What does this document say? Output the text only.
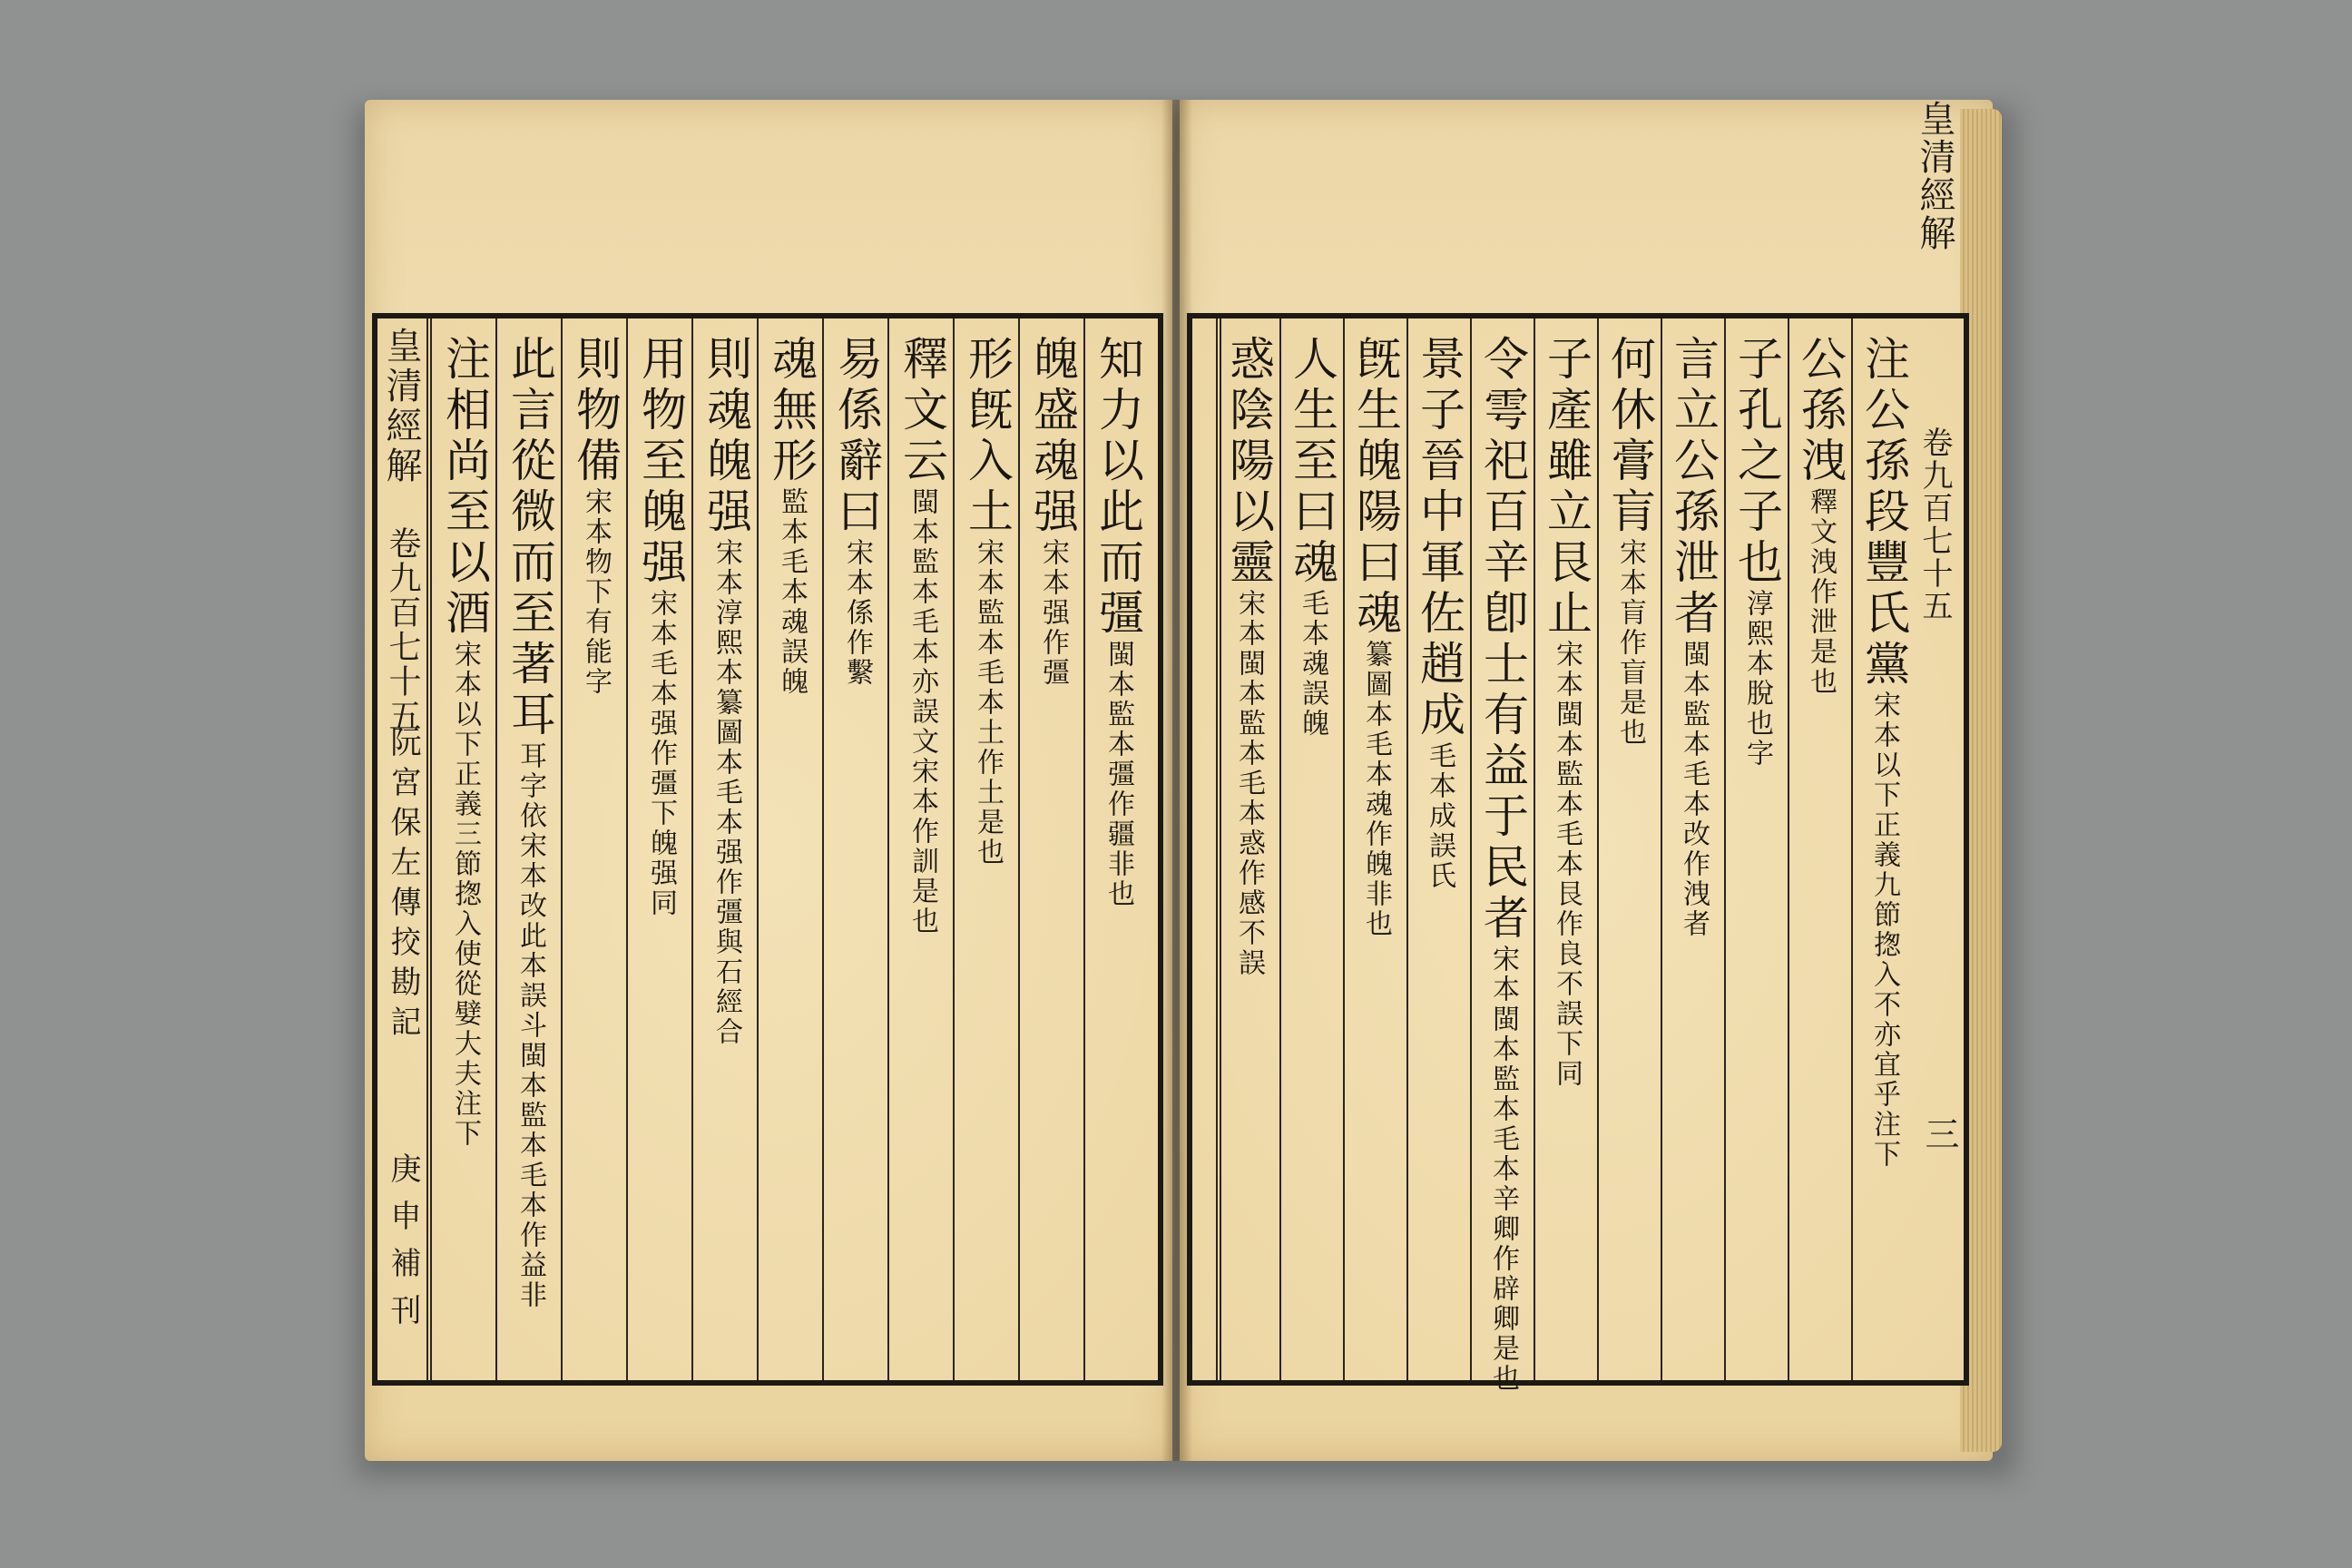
知力以此而彊閩本監本彊作疆非也
魄盛魂强宋本强作彊
形旣入土宋本監本毛本土作土是也
釋文云閩本監本毛本亦誤文宋本作訓是也
易係辭曰宋本係作繫
魂無形監本毛本魂誤魄
則魂魄强宋本淳熙本纂圖本毛本强作彊與石經合
用物至魄强宋本毛本强作彊下魄强同
則物備宋本物下有能字
此言從微而至著耳耳字依宋本改此本誤斗閩本監本毛本作益非
注相尚至以酒宋本以下正義三節揔入使從嬖大夫注下
皇清經解
卷九百七十五
阮宮保左傳挍勘記
庚申補刊
注公孫段豐氏黨宋本以下正義九節揔入不亦宜乎注下
公孫洩釋文洩作泄是也
子孔之子也淳熙本脫也字
言立公孫泄者閩本監本毛本改作洩者
何休膏肓宋本肓作盲是也
子產雖立艮止宋本閩本監本毛本艮作良不誤下同
令雩祀百辛卽士有益于民者宋本閩本監本毛本辛卿作辟卿是也
景子晉中軍佐趙成毛本成誤氏
旣生魄陽曰魂纂圖本毛本魂作魄非也
人生至曰魂毛本魂誤魄
惑陰陽以靈宋本閩本監本毛本惑作感不誤
皇清經解
卷九百七十五
三
